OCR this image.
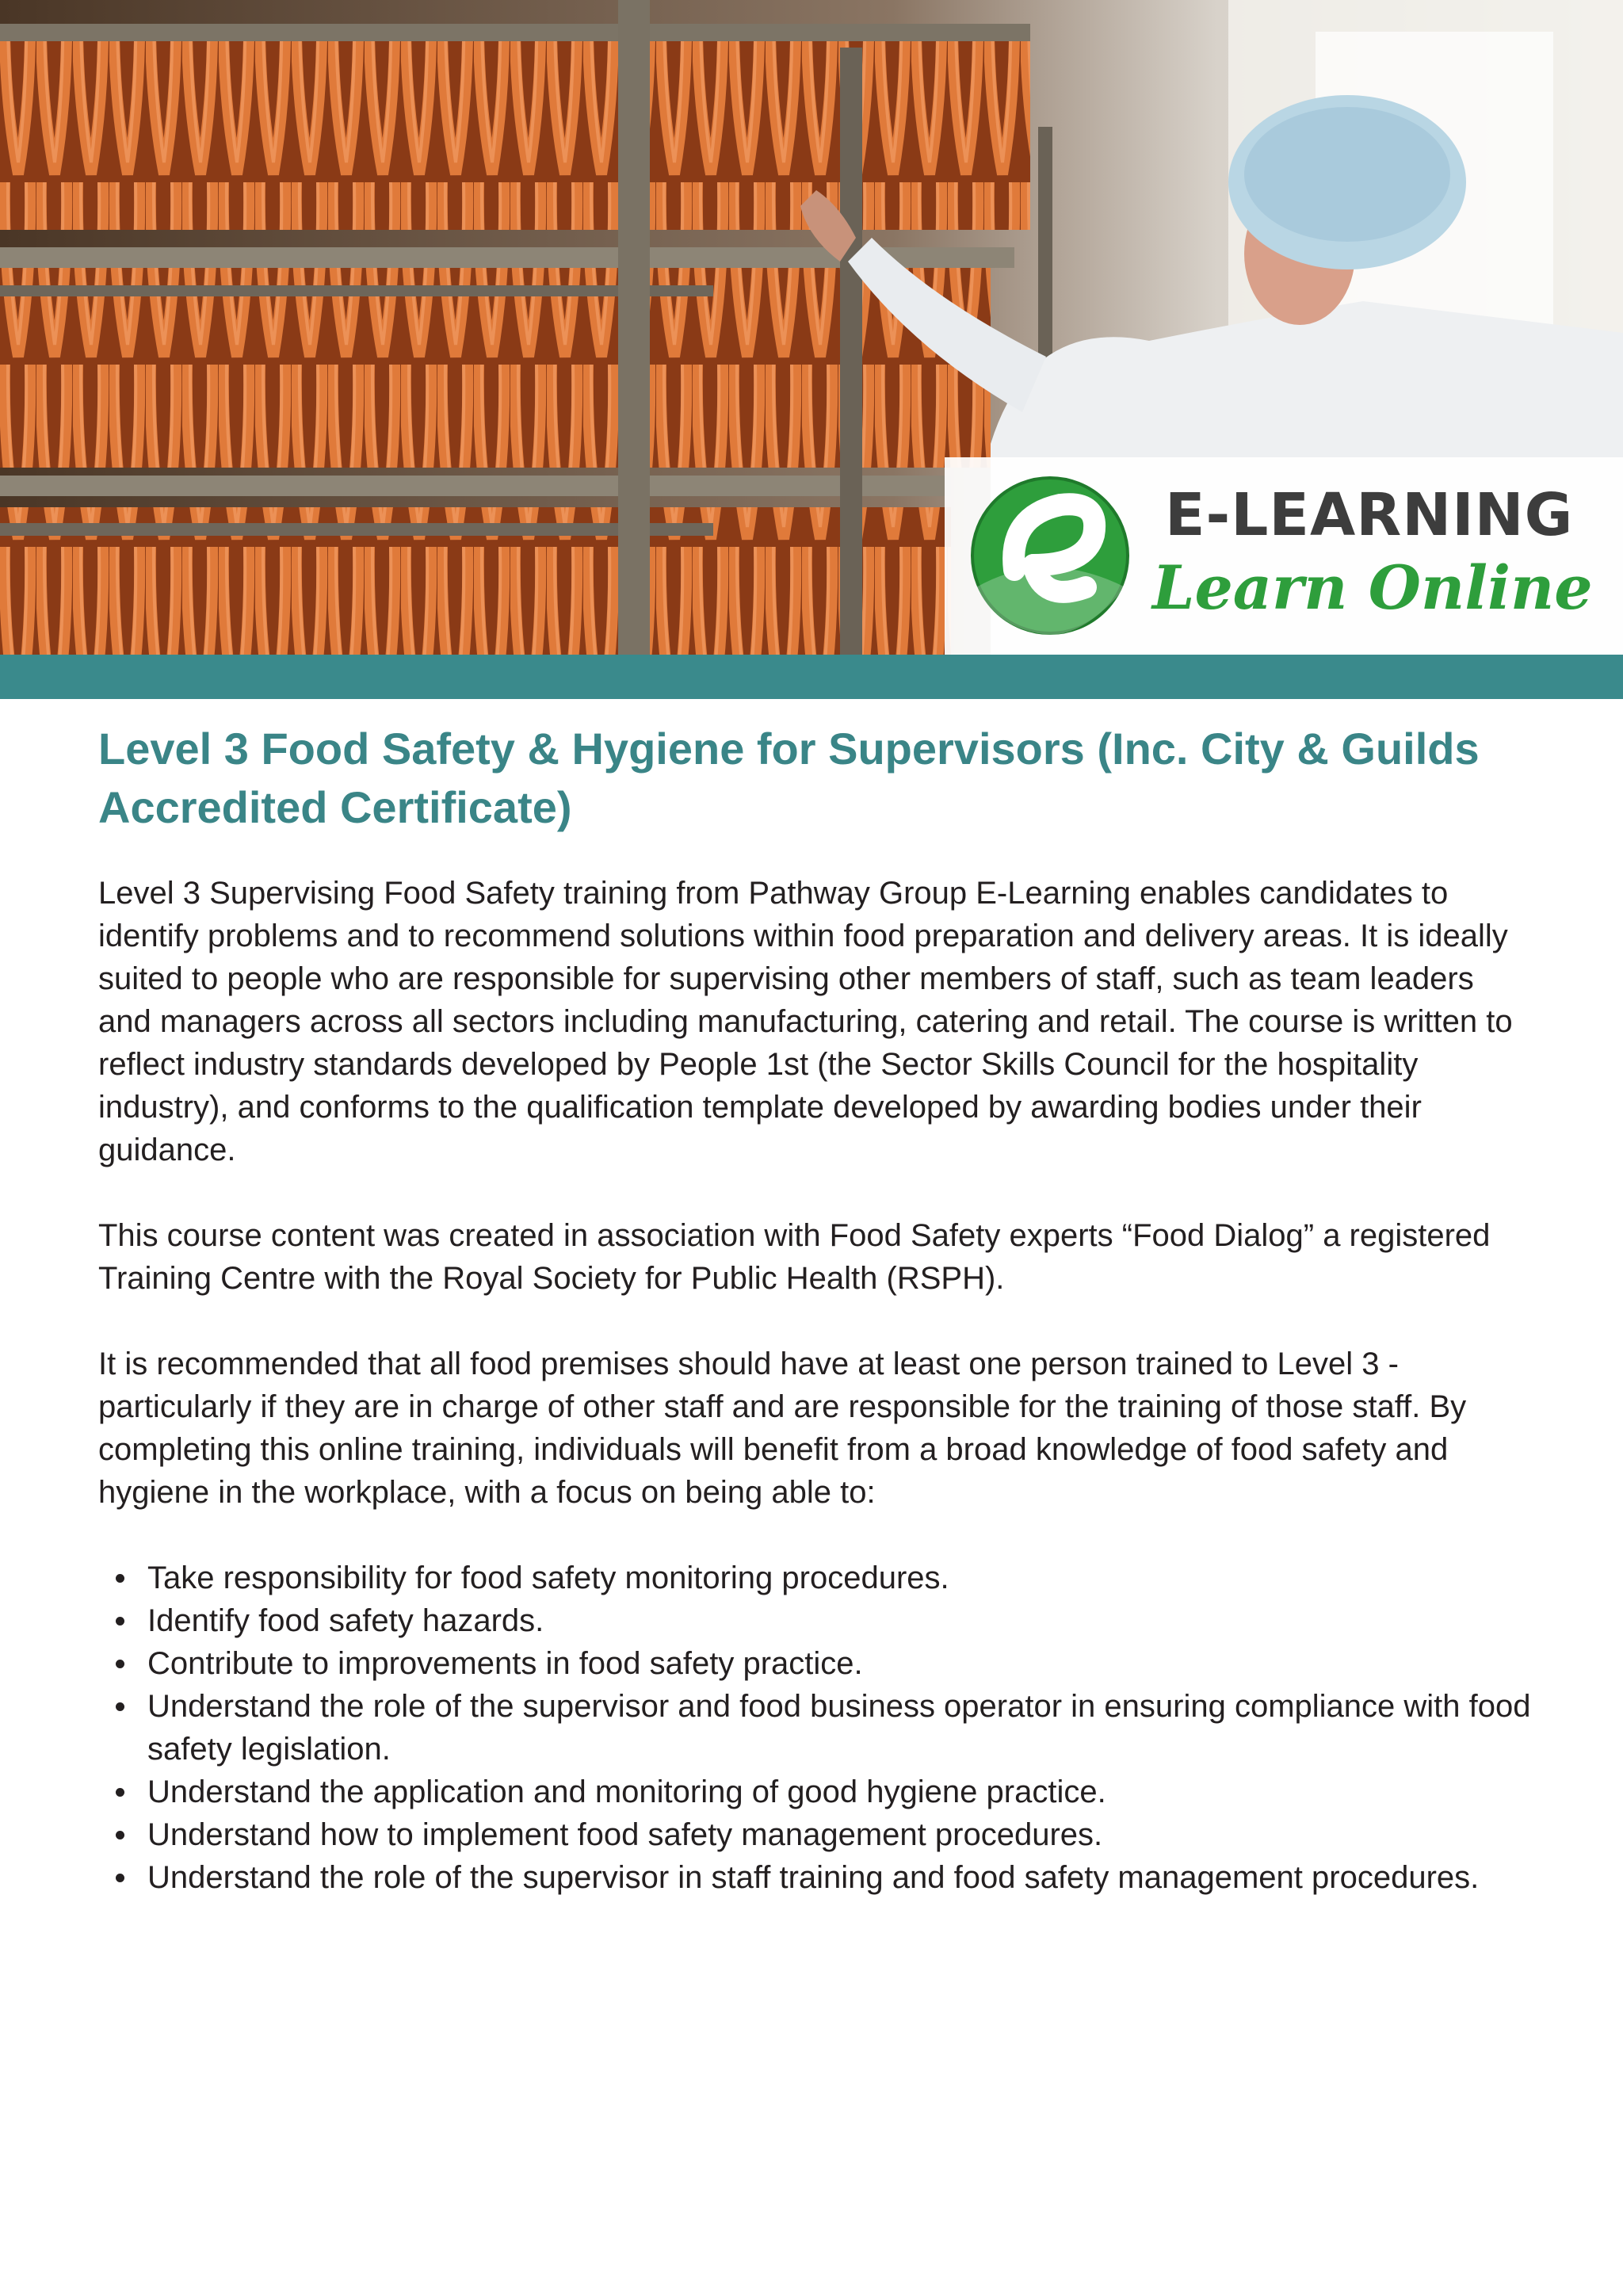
E-LEARNING
Learn Online
Level 3 Food Safety & Hygiene for Supervisors (Inc. City & Guilds Accredited Certificate)

Level 3 Supervising Food Safety training from Pathway Group E-Learning enables candidates to identify problems and to recommend solutions within food preparation and delivery areas. It is ideally suited to people who are responsible for supervising other members of staff, such as team leaders and managers across all sectors including manufacturing, catering and retail. The course is written to reflect industry standards developed by People 1st (the Sector Skills Council for the hospitality industry), and conforms to the qualification template developed by awarding bodies under their guidance.

This course content was created in association with Food Safety experts “Food Dialog” a registered Training Centre with the Royal Society for Public Health (RSPH).

It is recommended that all food premises should have at least one person trained to Level 3 - particularly if they are in charge of other staff and are responsible for the training of those staff. By completing this online training, individuals will benefit from a broad knowledge of food safety and hygiene in the workplace, with a focus on being able to:

Take responsibility for food safety monitoring procedures.
Identify food safety hazards.
Contribute to improvements in food safety practice.
Understand the role of the supervisor and food business operator in ensuring compliance with food safety legislation.
Understand the application and monitoring of good hygiene practice.
Understand how to implement food safety management procedures.
Understand the role of the supervisor in staff training and food safety management procedures.
